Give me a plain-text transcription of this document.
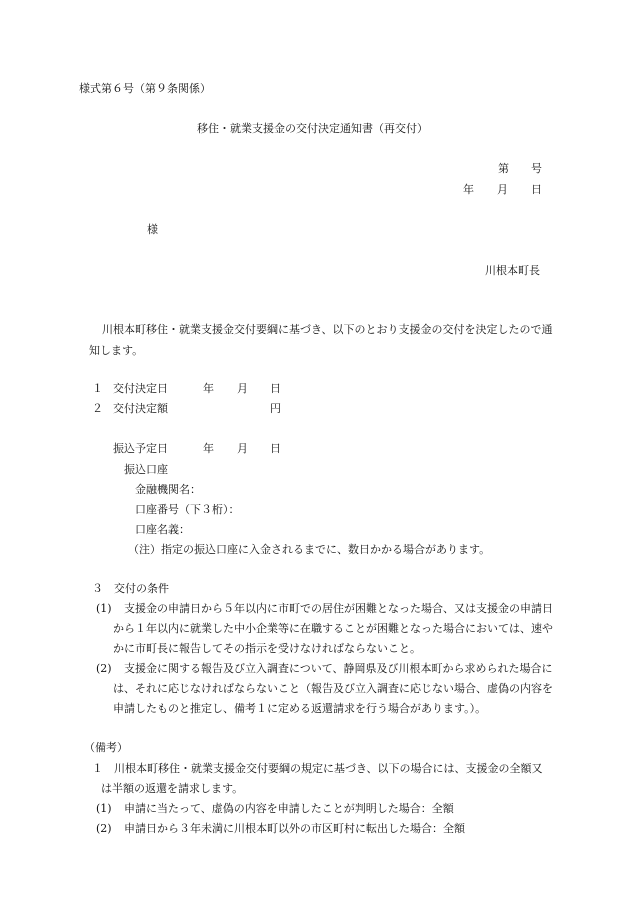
様式第６号（第９条関係）
移住・就業支援金の交付決定通知書（再交付）
第 号
年 月 日
様
川根本町長
川根本町移住・就業支援金交付要綱に基づき、以下のとおり支援金の交付を決定したので通
知します。
１ 交付決定日	年 月 日
２ 交付決定額	円
振込予定日	年 月 日
振込口座
金融機関名：
口座番号（下３桁）：
口座名義：
（注）指定の振込口座に入金されるまでに、数日かかる場合があります。
３　交付の条件
(1) 支援金の申請日から５年以内に市町での居住が困難となった場合、又は支援金の申請日
から１年以内に就業した中小企業等に在職することが困難となった場合においては、速や
かに市町長に報告してその指示を受けなければならないこと。
(2) 支援金に関する報告及び立入調査について、静岡県及び川根本町から求められた場合に
は、それに応じなければならないこと（報告及び立入調査に応じない場合、虚偽の内容を
申請したものと推定し、備考１に定める返還請求を行う場合があります。）。
（備考）
１ 川根本町移住・就業支援金交付要綱の規定に基づき、以下の場合には、支援金の全額又
は半額の返還を請求します。
(1) 申請に当たって、虚偽の内容を申請したことが判明した場合：全額
(2) 申請日から３年未満に川根本町以外の市区町村に転出した場合：全額
